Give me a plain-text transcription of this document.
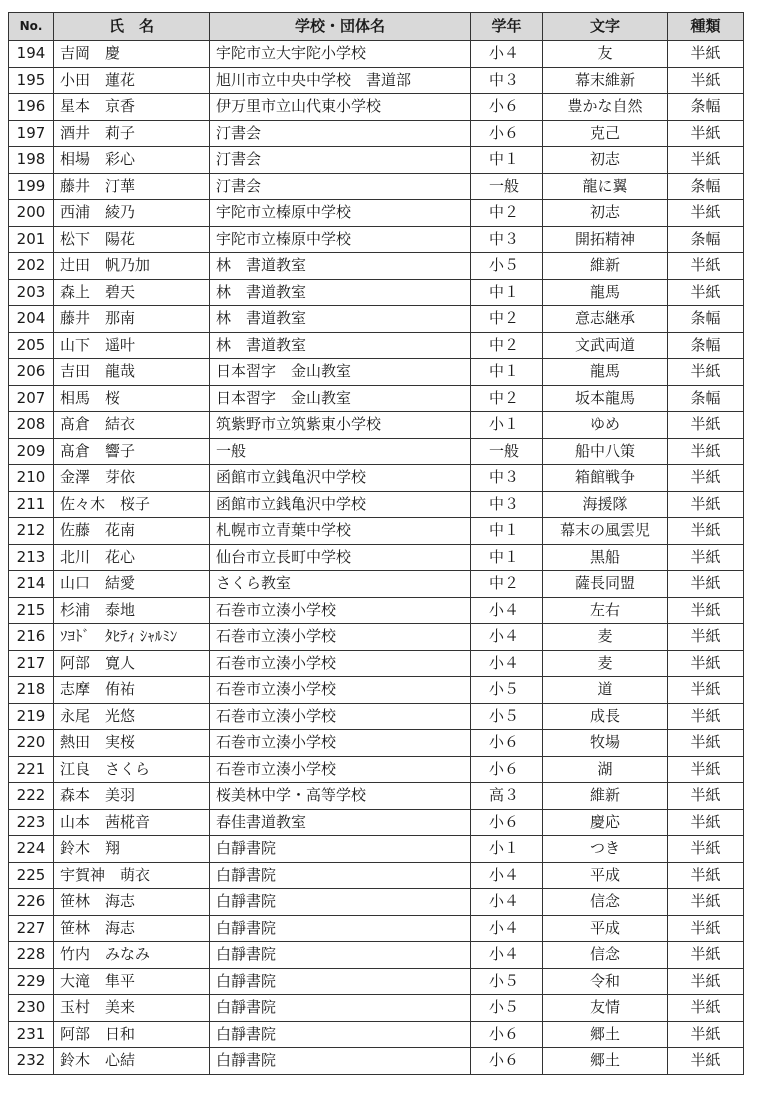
No.	氏　名	学校・団体名	学年	文字	種類
194	吉岡　慶	宇陀市立大宇陀小学校	小４	友	半紙
195	小田　蓮花	旭川市立中央中学校　書道部	中３	幕末維新	半紙
196	星本　京香	伊万里市立山代東小学校	小６	豊かな自然	条幅
197	酒井　莉子	汀書会	小６	克己	半紙
198	相場　彩心	汀書会	中１	初志	半紙
199	藤井　汀華	汀書会	一般	龍に翼	条幅
200	西浦　綾乃	宇陀市立榛原中学校	中２	初志	半紙
201	松下　陽花	宇陀市立榛原中学校	中３	開拓精神	条幅
202	辻田　帆乃加	林　書道教室	小５	維新	半紙
203	森上　碧天	林　書道教室	中１	龍馬	半紙
204	藤井　那南	林　書道教室	中２	意志継承	条幅
205	山下　遥叶	林　書道教室	中２	文武両道	条幅
206	吉田　龍哉	日本習字　金山教室	中１	龍馬	半紙
207	相馬　桜	日本習字　金山教室	中２	坂本龍馬	条幅
208	髙倉　結衣	筑紫野市立筑紫東小学校	小１	ゆめ	半紙
209	髙倉　響子	一般	一般	船中八策	半紙
210	金澤　芽依	函館市立銭亀沢中学校	中３	箱館戦争	半紙
211	佐々木　桜子	函館市立銭亀沢中学校	中３	海援隊	半紙
212	佐藤　花南	札幌市立青葉中学校	中１	幕末の風雲児	半紙
213	北川　花心	仙台市立長町中学校	中１	黒船	半紙
214	山口　結愛	さくら教室	中２	薩長同盟	半紙
215	杉浦　泰地	石巻市立湊小学校	小４	左右	半紙
216	ｿﾖﾄﾞ　ﾀﾋﾃｨ ｼｬﾙﾐﾝ	石巻市立湊小学校	小４	麦	半紙
217	阿部　寛人	石巻市立湊小学校	小４	麦	半紙
218	志摩　侑祐	石巻市立湊小学校	小５	道	半紙
219	永尾　光悠	石巻市立湊小学校	小５	成長	半紙
220	熱田　実桜	石巻市立湊小学校	小６	牧場	半紙
221	江良　さくら	石巻市立湊小学校	小６	湖	半紙
222	森本　美羽	桜美林中学・高等学校	高３	維新	半紙
223	山本　茜椛音	春佳書道教室	小６	慶応	半紙
224	鈴木　翔	白靜書院	小１	つき	半紙
225	宇賀神　萌衣	白靜書院	小４	平成	半紙
226	笹林　海志	白靜書院	小４	信念	半紙
227	笹林　海志	白靜書院	小４	平成	半紙
228	竹内　みなみ	白靜書院	小４	信念	半紙
229	大滝　隼平	白靜書院	小５	令和	半紙
230	玉村　美来	白靜書院	小５	友情	半紙
231	阿部　日和	白靜書院	小６	郷土	半紙
232	鈴木　心結	白靜書院	小６	郷土	半紙
